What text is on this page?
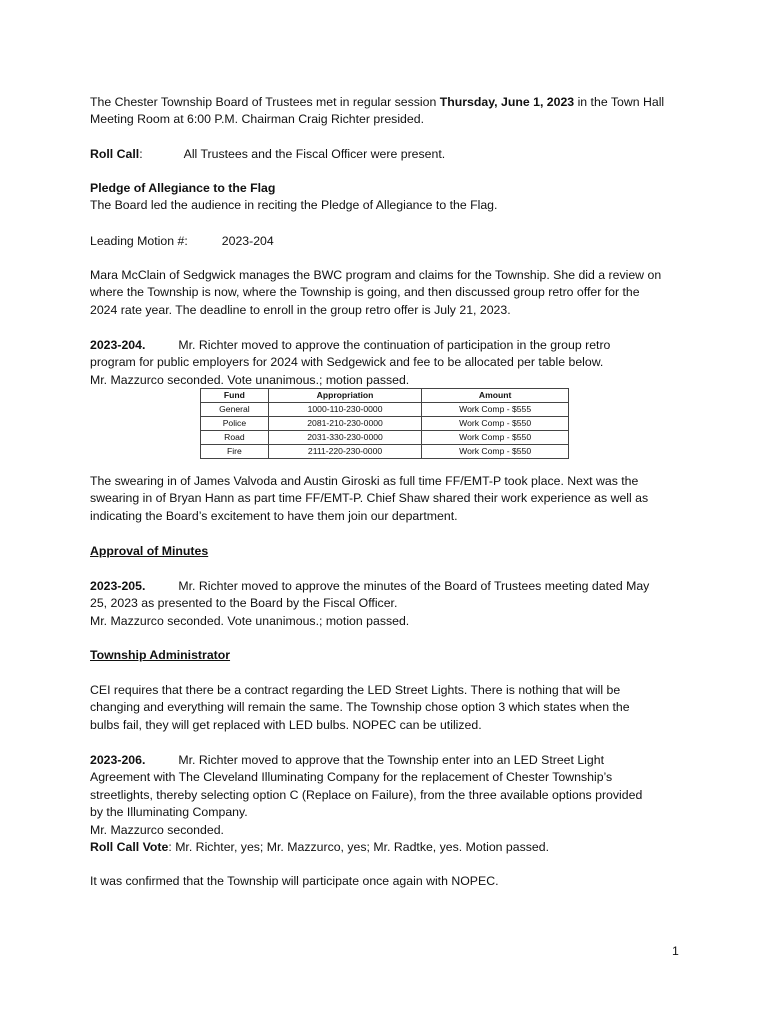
The Chester Township Board of Trustees met in regular session Thursday, June 1, 2023 in the Town Hall

Meeting Room at 6:00 P.M. Chairman Craig Richter presided.

Roll Call:	All Trustees and the Fiscal Officer were present.

Pledge of Allegiance to the Flag

The Board led the audience in reciting the Pledge of Allegiance to the Flag.

Leading Motion #:	2023-204

Mara McClain of Sedgwick manages the BWC program and claims for the Township. She did a review on

where the Township is now, where the Township is going, and then discussed group retro offer for the

2024 rate year. The deadline to enroll in the group retro offer is July 21, 2023.

2023-204.	Mr. Richter moved to approve the continuation of participation in the group retro

program for public employers for 2024 with Sedgewick and fee to be allocated per table below.

Mr. Mazzurco seconded. Vote unanimous.; motion passed.

Fund	Appropriation	Amount
General	1000-110-230-0000	Work Comp - $555
Police	2081-210-230-0000	Work Comp - $550
Road	2031-330-230-0000	Work Comp - $550
Fire	2111-220-230-0000	Work Comp - $550

The swearing in of James Valvoda and Austin Giroski as full time FF/EMT-P took place. Next was the

swearing in of Bryan Hann as part time FF/EMT-P. Chief Shaw shared their work experience as well as

indicating the Board’s excitement to have them join our department.

Approval of Minutes

2023-205.	Mr. Richter moved to approve the minutes of the Board of Trustees meeting dated May

25, 2023 as presented to the Board by the Fiscal Officer.

Mr. Mazzurco seconded. Vote unanimous.; motion passed.

Township Administrator

CEI requires that there be a contract regarding the LED Street Lights. There is nothing that will be

changing and everything will remain the same. The Township chose option 3 which states when the

bulbs fail, they will get replaced with LED bulbs. NOPEC can be utilized.

2023-206.	Mr. Richter moved to approve that the Township enter into an LED Street Light

Agreement with The Cleveland Illuminating Company for the replacement of Chester Township’s

streetlights, thereby selecting option C (Replace on Failure), from the three available options provided

by the Illuminating Company.

Mr. Mazzurco seconded.

Roll Call Vote: Mr. Richter, yes; Mr. Mazzurco, yes; Mr. Radtke, yes. Motion passed.

It was confirmed that the Township will participate once again with NOPEC.

1
